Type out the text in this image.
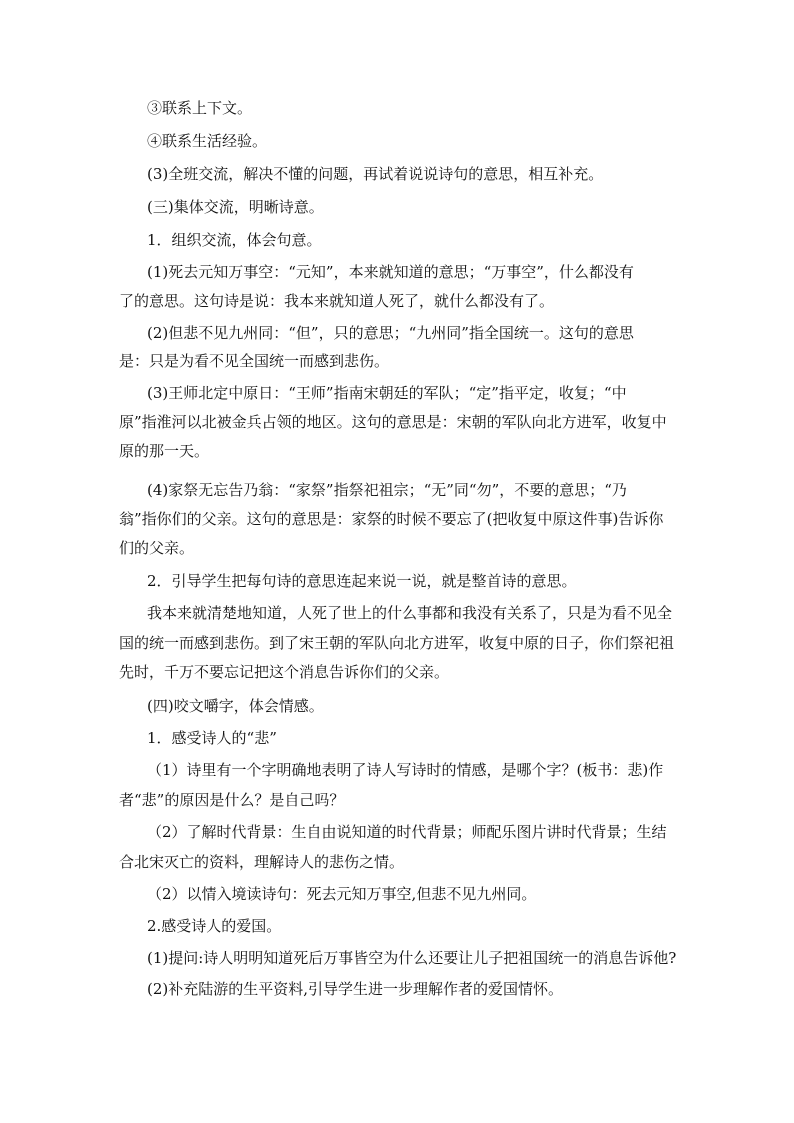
③联系上下文。
④联系生活经验。
(3)全班交流，解决不懂的问题，再试着说说诗句的意思，相互补充。
(三)集体交流，明晰诗意。
1．组织交流，体会句意。
(1)死去元知万事空：“元知”，本来就知道的意思；“万事空”，什么都没有
了的意思。这句诗是说：我本来就知道人死了，就什么都没有了。
(2)但悲不见九州同：“但”，只的意思；“九州同”指全国统一。这句的意思
是：只是为看不见全国统一而感到悲伤。
(3)王师北定中原日：“王师”指南宋朝廷的军队；“定”指平定，收复；“中
原”指淮河以北被金兵占领的地区。这句的意思是：宋朝的军队向北方进军，收复中
原的那一天。
(4)家祭无忘告乃翁：“家祭”指祭祀祖宗；“无”同“勿”，不要的意思；“乃
翁”指你们的父亲。这句的意思是：家祭的时候不要忘了(把收复中原这件事)告诉你
们的父亲。
2．引导学生把每句诗的意思连起来说一说，就是整首诗的意思。
我本来就清楚地知道，人死了世上的什么事都和我没有关系了，只是为看不见全
国的统一而感到悲伤。到了宋王朝的军队向北方进军，收复中原的日子，你们祭祀祖
先时，千万不要忘记把这个消息告诉你们的父亲。
(四)咬文嚼字，体会情感。
1．感受诗人的“悲”
（1）诗里有一个字明确地表明了诗人写诗时的情感，是哪个字？(板书：悲)作
者“悲”的原因是什么？是自己吗？
（2）了解时代背景：生自由说知道的时代背景；师配乐图片讲时代背景；生结
合北宋灭亡的资料，理解诗人的悲伤之情。
（2）以情入境读诗句：死去元知万事空,但悲不见九州同。
2.感受诗人的爱国。
(1)提问:诗人明明知道死后万事皆空为什么还要让儿子把祖国统一的消息告诉他?
(2)补充陆游的生平资料,引导学生进一步理解作者的爱国情怀。
